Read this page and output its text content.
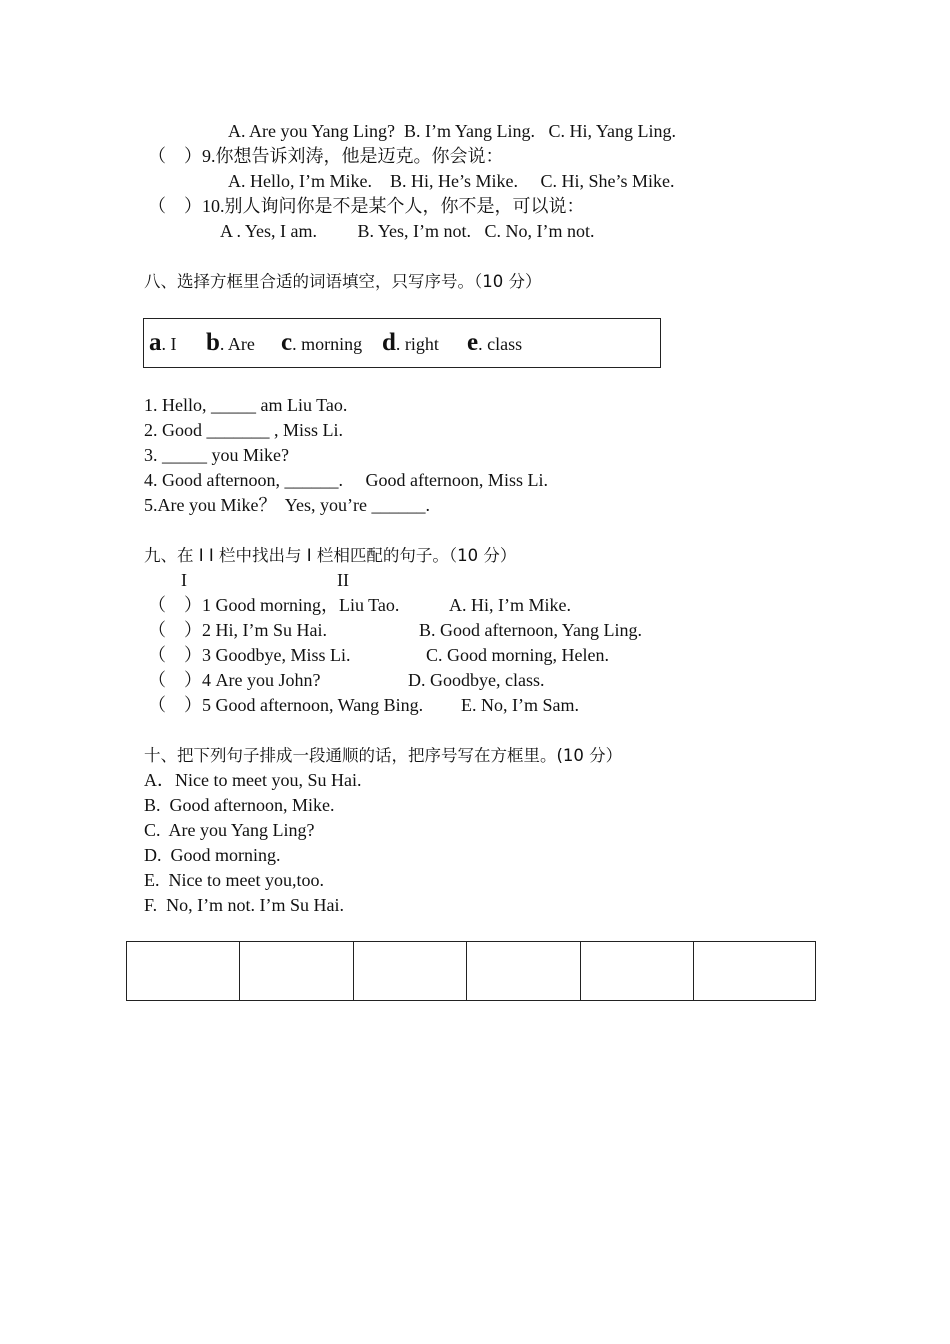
A. Are you Yang Ling?  B. I’m Yang Ling.   C. Hi, Yang Ling.
（    ）9.你想告诉刘涛，他是迈克。你会说：
A. Hello, I’m Mike.    B. Hi, He’s Mike.     C. Hi, She’s Mike.
（    ）10.别人询问你是不是某个人，你不是，可以说：
A . Yes, I am.         B. Yes, I’m not.   C. No, I’m not.
八、选择方框里合适的词语填空，只写序号。（10 分）
a. I b. Are c. morning d. right e. class
1. Hello, _____ am Liu Tao.
2. Good _______ , Miss Li.
3. _____ you Mike?
4. Good afternoon, ______.     Good afternoon, Miss Li.
5.Are you Mike？  Yes, you’re ______.
九、在 I I 栏中找出与 I 栏相匹配的句子。（10 分）
I	II
（    ）1 Good morning，Liu Tao.	A. Hi, I’m Mike.
（    ）2 Hi, I’m Su Hai.	B. Good afternoon, Yang Ling.
（    ）3 Goodbye, Miss Li.	C. Good morning, Helen.
（    ）4 Are you John?	D. Goodbye, class.
（    ）5 Good afternoon, Wang Bing. E. No, I’m Sam.
十、把下列句子排成一段通顺的话，把序号写在方框里。(10 分）
A．Nice to meet you, Su Hai.
B.  Good afternoon, Mike.
C.  Are you Yang Ling?
D.  Good morning.
E.  Nice to meet you,too.
F.  No, I’m not. I’m Su Hai.
